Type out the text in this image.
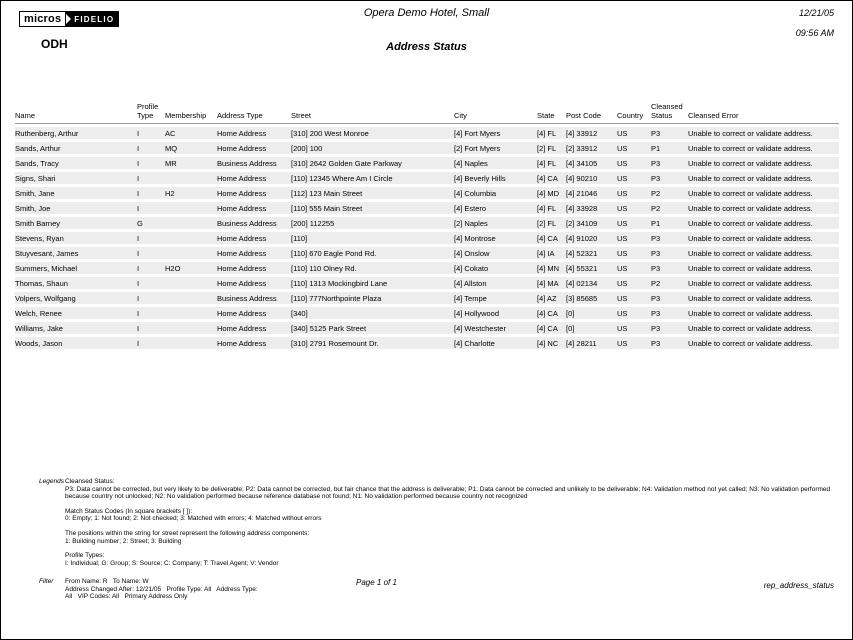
micros	FIDELIO
ODH
Opera Demo Hotel, Small
Address Status
12/21/05
09:56 AM
Name	Profile Type	Membership	Address Type	Street	City	State	Post Code	Country	Cleansed Status	Cleansed Error
Ruthenberg, Arthur	I	AC	Home Address	[310] 200 West Monroe	[4] Fort Myers	[4] FL	[4] 33912	US	P3	Unable to correct or validate address.
Sands, Arthur	I	MQ	Home Address	[200] 100	[2] Fort Myers	[2] FL	[2] 33912	US	P1	Unable to correct or validate address.
Sands, Tracy	I	MR	Business Address	[310] 2642 Golden Gate Parkway	[4] Naples	[4] FL	[4] 34105	US	P3	Unable to correct or validate address.
Signs, Shari	I		Home Address	[110] 12345 Where Am I Circle	[4] Beverly Hills	[4] CA	[4] 90210	US	P3	Unable to correct or validate address.
Smith, Jane	I	H2	Home Address	[112] 123 Main Street	[4] Columbia	[4] MD	[4] 21046	US	P2	Unable to correct or validate address.
Smith, Joe	I		Home Address	[110] 555 Main Street	[4] Estero	[4] FL	[4] 33928	US	P2	Unable to correct or validate address.
Smith Barney	G		Business Address	[200] 112255	[2] Naples	[2] FL	[2] 34109	US	P1	Unable to correct or validate address.
Stevens, Ryan	I		Home Address	[110]	[4] Montrose	[4] CA	[4] 91020	US	P3	Unable to correct or validate address.
Stuyvesant, James	I		Home Address	[110] 670 Eagle Pond Rd.	[4] Onslow	[4] IA	[4] 52321	US	P3	Unable to correct or validate address.
Summers, Michael	I	H2O	Home Address	[110] 110 Olney Rd.	[4] Cokato	[4] MN	[4] 55321	US	P3	Unable to correct or validate address.
Thomas, Shaun	I		Home Address	[110] 1313 Mockingbird Lane	[4] Allston	[4] MA	[4] 02134	US	P2	Unable to correct or validate address.
Volpers, Wolfgang	I		Business Address	[110] 777Northpointe Plaza	[4] Tempe	[4] AZ	[3] 85685	US	P3	Unable to correct or validate address.
Welch, Renee	I		Home Address	[340]	[4] Hollywood	[4] CA	[0]	US	P3	Unable to correct or validate address.
Williams, Jake	I		Home Address	[340] 5125 Park Street	[4] Westchester	[4] CA	[0]	US	P3	Unable to correct or validate address.
Woods, Jason	I		Home Address	[310] 2791 Rosemount Dr.	[4] Charlotte	[4] NC	[4] 28211	US	P3	Unable to correct or validate address.
Legends Cleansed Status:
P3: Data cannot be corrected, but very likely to be deliverable; P2: Data cannot be corrected, but fair chance that the address is deliverable; P1: Data cannot be corrected and unlikely to be deliverable; N4: Validation method not yet called; N3: No validation performed because country not unlocked; N2: No validation performed because reference database not found; N1: No validation performed because country not recognized
Match Status Codes (In square brackets [ ]):
0: Empty; 1: Not found; 2: Not checked; 3: Matched with errors; 4: Matched without errors
The positions within the string for street represent the following address components:
1: Building number; 2: Street; 3: Building
Profile Types:
I: Individual; G: Group; S: Source; C: Company; T: Travel Agent; V: Vendor
Filter From Name: R   To Name: W
Address Changed After: 12/21/05   Profile Type: All   Address Type:
All   VIP Codes: All   Primary Address Only
Page 1 of 1	rep_address_status
